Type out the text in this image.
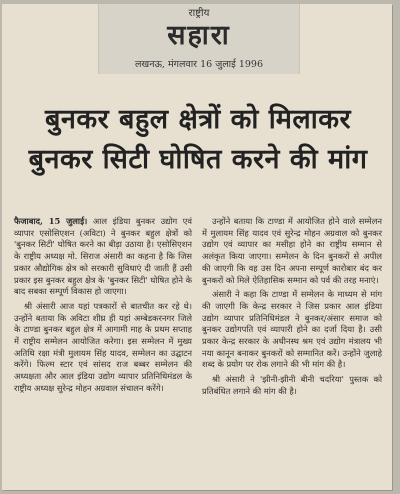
राष्ट्रीय
सहारा
लखनऊ, मंगलवार 16 जुलाई 1996
बुनकर बहुल क्षेत्रों को मिलाकर
बुनकर सिटी घोषित करने की मांग

फैजाबाद, 15 जुलाई। आल इंडिया बुनकर उद्योग एवं व्यापार एसोसिएशन (अविटा) ने बुनकर बहुल क्षेत्रों को 'बुनकर सिटी' घोषित करने का बीड़ा उठाया है। एसोसिएशन के राष्ट्रीय अध्यक्ष मो. सिराज अंसारी का कहना है कि जिस प्रकार औद्योगिक क्षेत्र को सरकारी सुविधाएं दी जाती हैं उसी प्रकार इस बुनकर बहुल क्षेत्र के 'बुनकर सिटी' घोषित होने के बाद सबका सम्पूर्ण विकास हो जाएगा।

श्री अंसारी आज यहां पत्रकारों से बातचीत कर रहे थे। उन्होंने बताया कि अविटा शीघ्र ही यहां अम्बेडकरनगर जिले के टाण्डा बुनकर बहुल क्षेत्र में आगामी माह के प्रथम सप्ताह में राष्ट्रीय सम्मेलन आयोजित करेगा। इस सम्मेलन में मुख्य अतिथि रक्षा मंत्री मुलायम सिंह यादव, सम्मेलन का उद्घाटन करेंगे। फिल्म स्टार एवं सांसद राज बब्बर सम्मेलन की अध्यक्षता और आल इंडिया उद्योग व्यापार प्रतिनिधिमंडल के राष्ट्रीय अध्यक्ष सुरेन्द्र मोहन अग्रवाल संचालन करेंगे।

उन्होंने बताया कि टाण्डा में आयोजित होने वाले सम्मेलन में मुलायम सिंह यादव एवं सुरेन्द्र मोहन अग्रवाल को बुनकर उद्योग एवं व्यापार का मसीहा होने का राष्ट्रीय सम्मान से अलंकृत किया जाएगा। सम्मेलन के दिन बुनकरों से अपील की जाएगी कि वह उस दिन अपना सम्पूर्ण कारोबार बंद कर बुनकरों को मिले ऐतिहासिक सम्मान को पर्व की तरह मनाएं।

अंसारी ने कहा कि टाण्डा में सम्मेलन के माध्यम से मांग की जाएगी कि केन्द्र सरकार ने जिस प्रकार आल इंडिया उद्योग व्यापार प्रतिनिधिमंडल ने बुनकर/अंसार समाज को बुनकर उद्योगपति एवं व्यापारी होने का दर्जा दिया है। उसी प्रकार केन्द्र सरकार के अधीनस्थ श्रम एवं उद्योग मंत्रालय भी नया कानून बनाकर बुनकरों को सम्मानित करें। उन्होंने जुलाहे शब्द के प्रयोग पर रोक लगाने की भी मांग की है।

श्री अंसारी ने 'झीनी-झीनी बीनी चदरिया' पुस्तक को प्रतिबंधित लगाने की मांग की है।
